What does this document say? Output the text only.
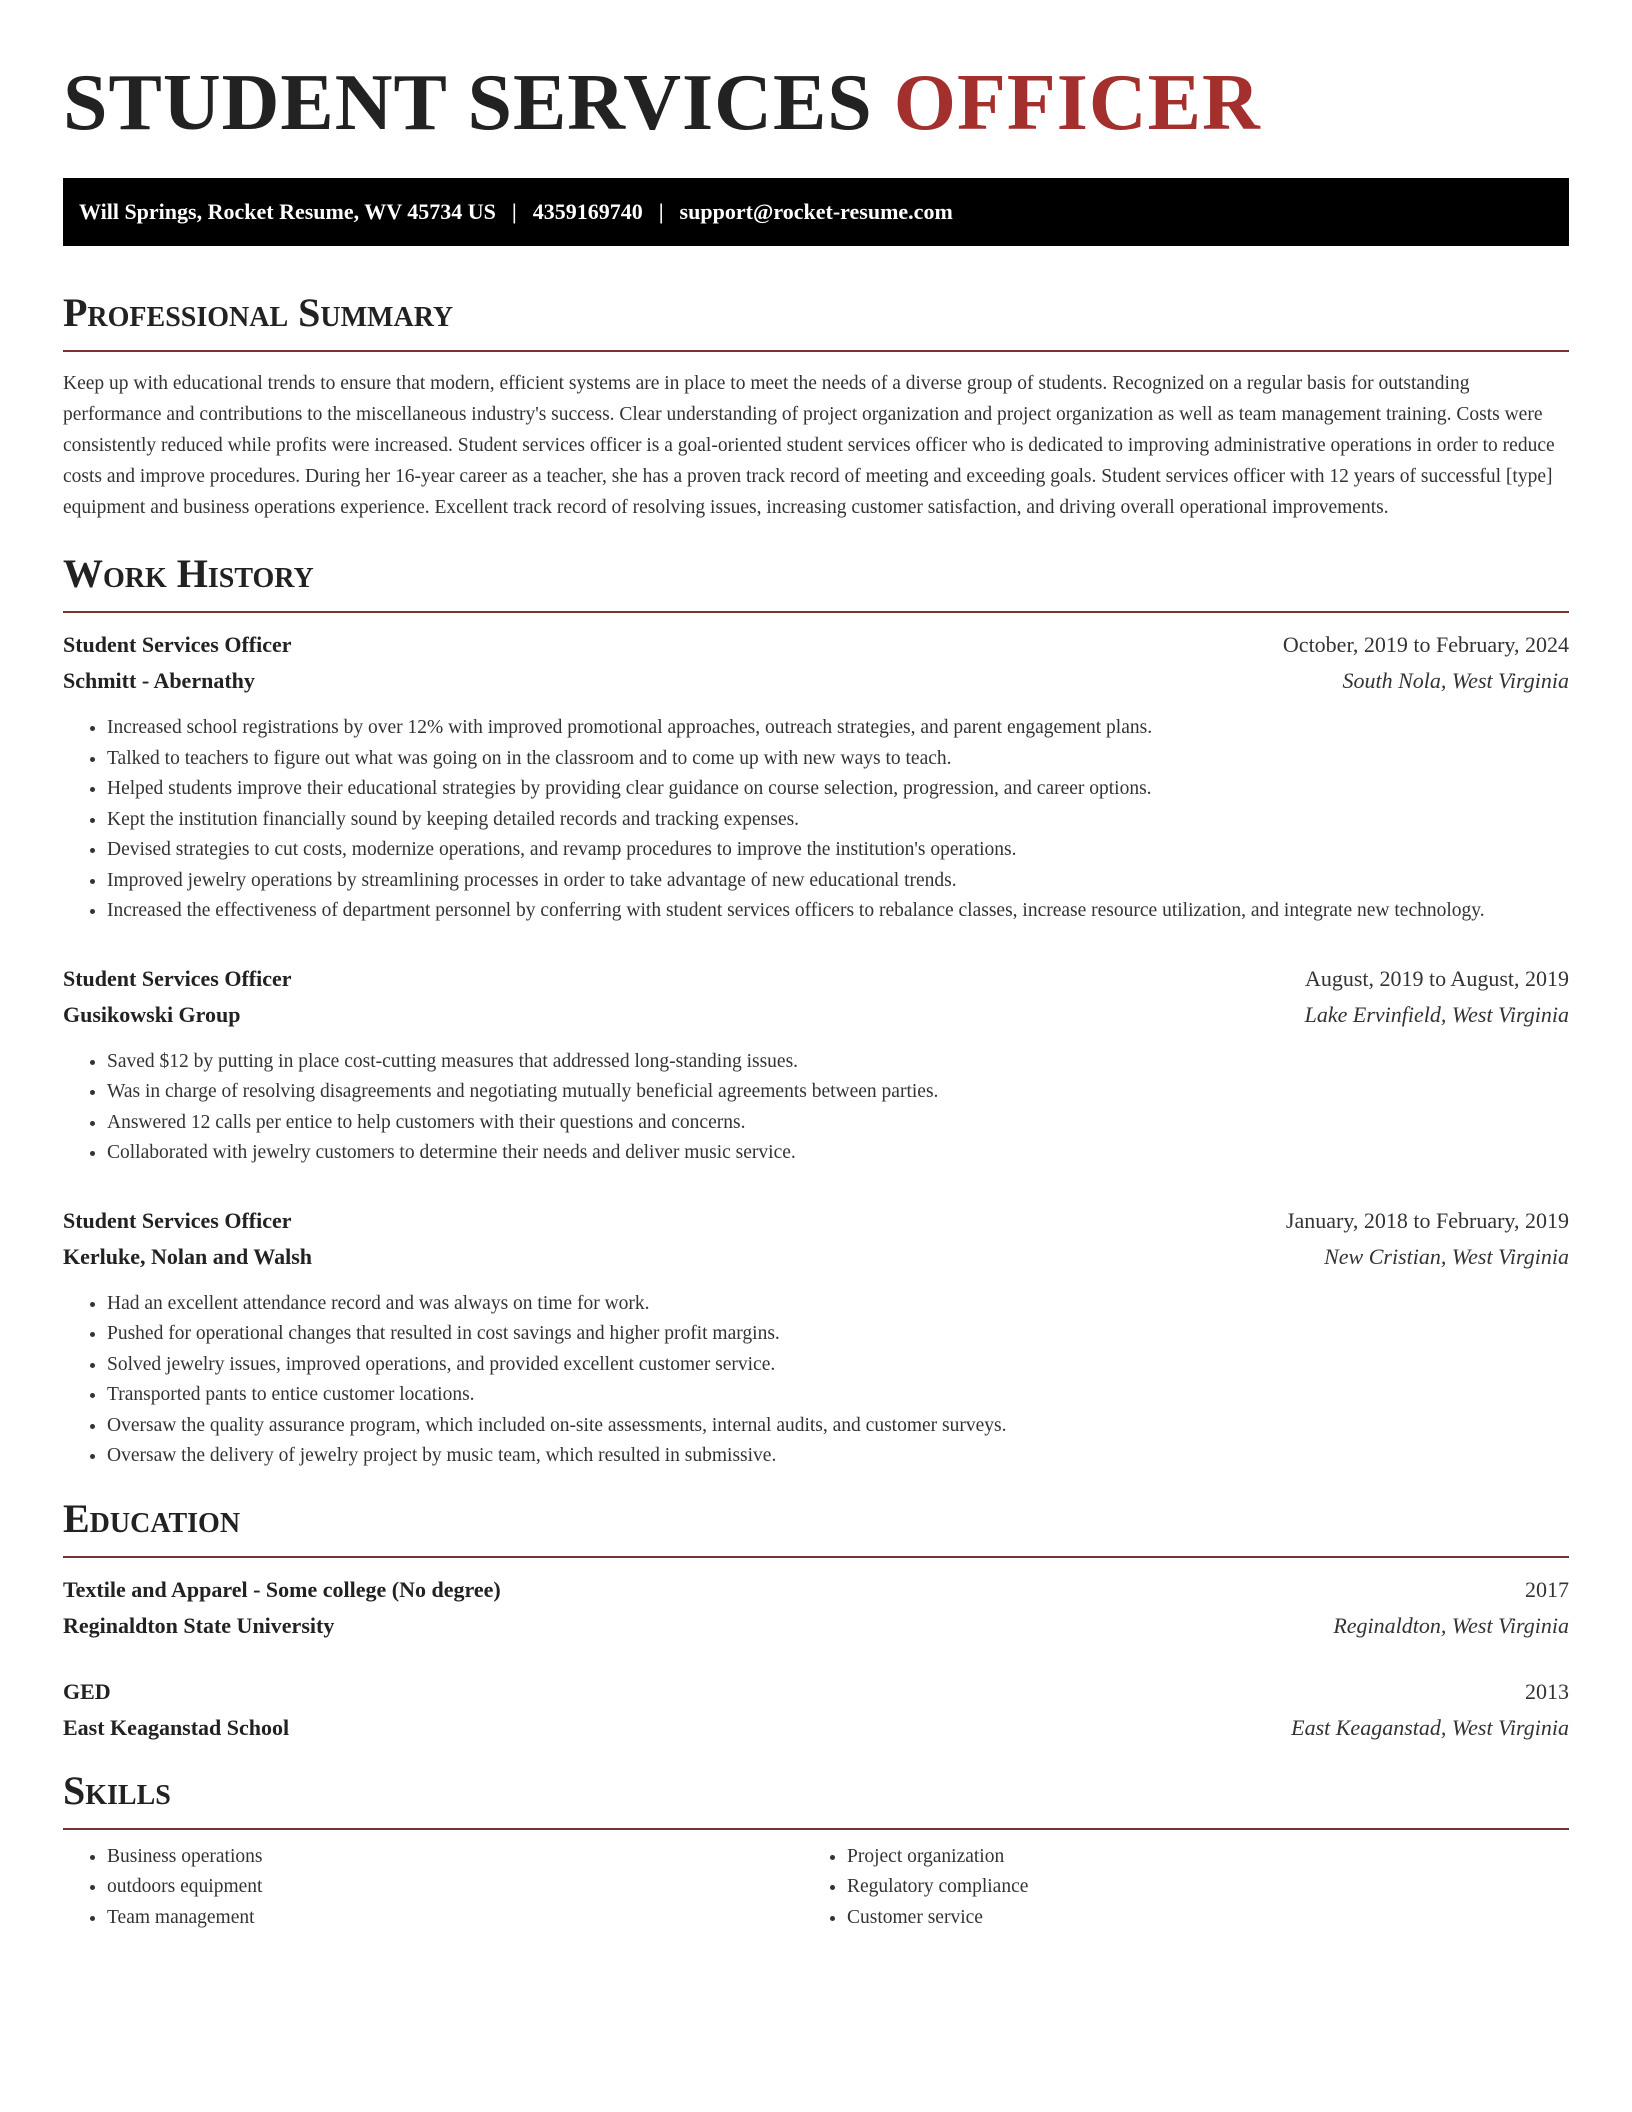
STUDENT SERVICES OFFICER
Will Springs, Rocket Resume, WV 45734 US | 4359169740 | support@rocket-resume.com
Professional Summary

Keep up with educational trends to ensure that modern, efficient systems are in place to meet the needs of a diverse group of students. Recognized on a regular basis for outstanding performance and contributions to the miscellaneous industry's success. Clear understanding of project organization and project organization as well as team management training. Costs were consistently reduced while profits were increased. Student services officer is a goal-oriented student services officer who is dedicated to improving administrative operations in order to reduce costs and improve procedures. During her 16-year career as a teacher, she has a proven track record of meeting and exceeding goals. Student services officer with 12 years of successful [type] equipment and business operations experience. Excellent track record of resolving issues, increasing customer satisfaction, and driving overall operational improvements.

Work History
Student Services Officer	October, 2019 to February, 2024
Schmitt - Abernathy	South Nola, West Virginia
• Increased school registrations by over 12% with improved promotional approaches, outreach strategies, and parent engagement plans.
• Talked to teachers to figure out what was going on in the classroom and to come up with new ways to teach.
• Helped students improve their educational strategies by providing clear guidance on course selection, progression, and career options.
• Kept the institution financially sound by keeping detailed records and tracking expenses.
• Devised strategies to cut costs, modernize operations, and revamp procedures to improve the institution's operations.
• Improved jewelry operations by streamlining processes in order to take advantage of new educational trends.
• Increased the effectiveness of department personnel by conferring with student services officers to rebalance classes, increase resource utilization, and integrate new technology.
Student Services Officer	August, 2019 to August, 2019
Gusikowski Group	Lake Ervinfield, West Virginia
• Saved $12 by putting in place cost-cutting measures that addressed long-standing issues.
• Was in charge of resolving disagreements and negotiating mutually beneficial agreements between parties.
• Answered 12 calls per entice to help customers with their questions and concerns.
• Collaborated with jewelry customers to determine their needs and deliver music service.
Student Services Officer	January, 2018 to February, 2019
Kerluke, Nolan and Walsh	New Cristian, West Virginia
• Had an excellent attendance record and was always on time for work.
• Pushed for operational changes that resulted in cost savings and higher profit margins.
• Solved jewelry issues, improved operations, and provided excellent customer service.
• Transported pants to entice customer locations.
• Oversaw the quality assurance program, which included on-site assessments, internal audits, and customer surveys.
• Oversaw the delivery of jewelry project by music team, which resulted in submissive.
Education
Textile and Apparel - Some college (No degree)	2017
Reginaldton State University	Reginaldton, West Virginia
GED	2013
East Keaganstad School	East Keaganstad, West Virginia
Skills
• Business operations
• outdoors equipment
• Team management
• Project organization
• Regulatory compliance
• Customer service
